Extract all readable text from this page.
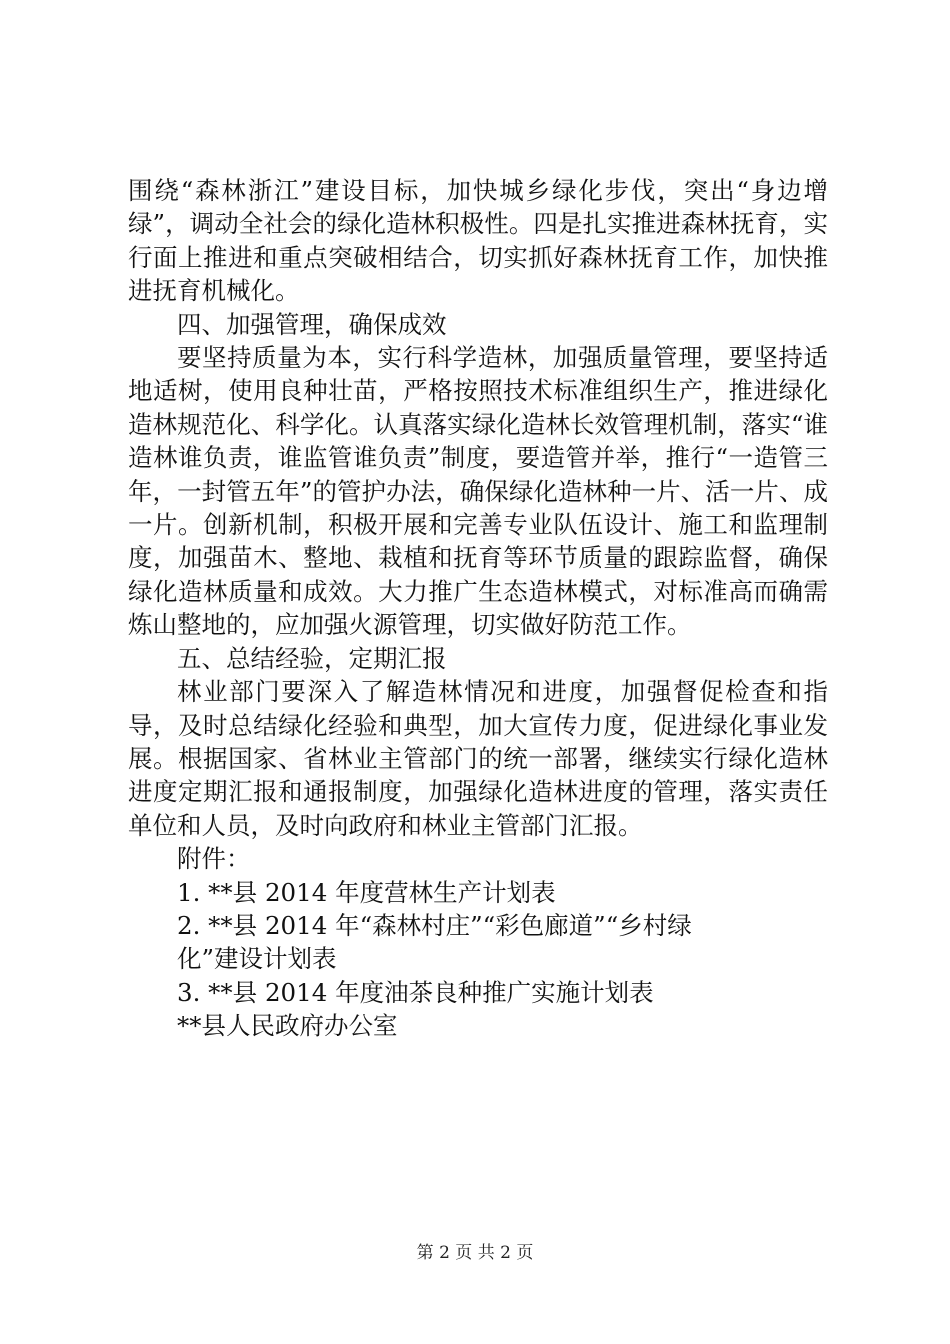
围绕“森林浙江”建设目标，加快城乡绿化步伐，突出“身边增绿”，调动全社会的绿化造林积极性。四是扎实推进森林抚育，实行面上推进和重点突破相结合，切实抓好森林抚育工作，加快推进抚育机械化。

四、加强管理，确保成效

要坚持质量为本，实行科学造林，加强质量管理，要坚持适地适树，使用良种壮苗，严格按照技术标准组织生产，推进绿化造林规范化、科学化。认真落实绿化造林长效管理机制，落实“谁造林谁负责，谁监管谁负责”制度，要造管并举，推行“一造管三年，一封管五年”的管护办法，确保绿化造林种一片、活一片、成一片。创新机制，积极开展和完善专业队伍设计、施工和监理制度，加强苗木、整地、栽植和抚育等环节质量的跟踪监督，确保绿化造林质量和成效。大力推广生态造林模式，对标准高而确需炼山整地的，应加强火源管理，切实做好防范工作。

五、总结经验，定期汇报

林业部门要深入了解造林情况和进度，加强督促检查和指导，及时总结绿化经验和典型，加大宣传力度，促进绿化事业发展。根据国家、省林业主管部门的统一部署，继续实行绿化造林进度定期汇报和通报制度，加强绿化造林进度的管理，落实责任单位和人员，及时向政府和林业主管部门汇报。

附件：

1. **县 2014 年度营林生产计划表

2. **县 2014 年“森林村庄”“彩色廊道”“乡村绿

化”建设计划表

3. **县 2014 年度油茶良种推广实施计划表

**县人民政府办公室

第 2 页 共 2 页
